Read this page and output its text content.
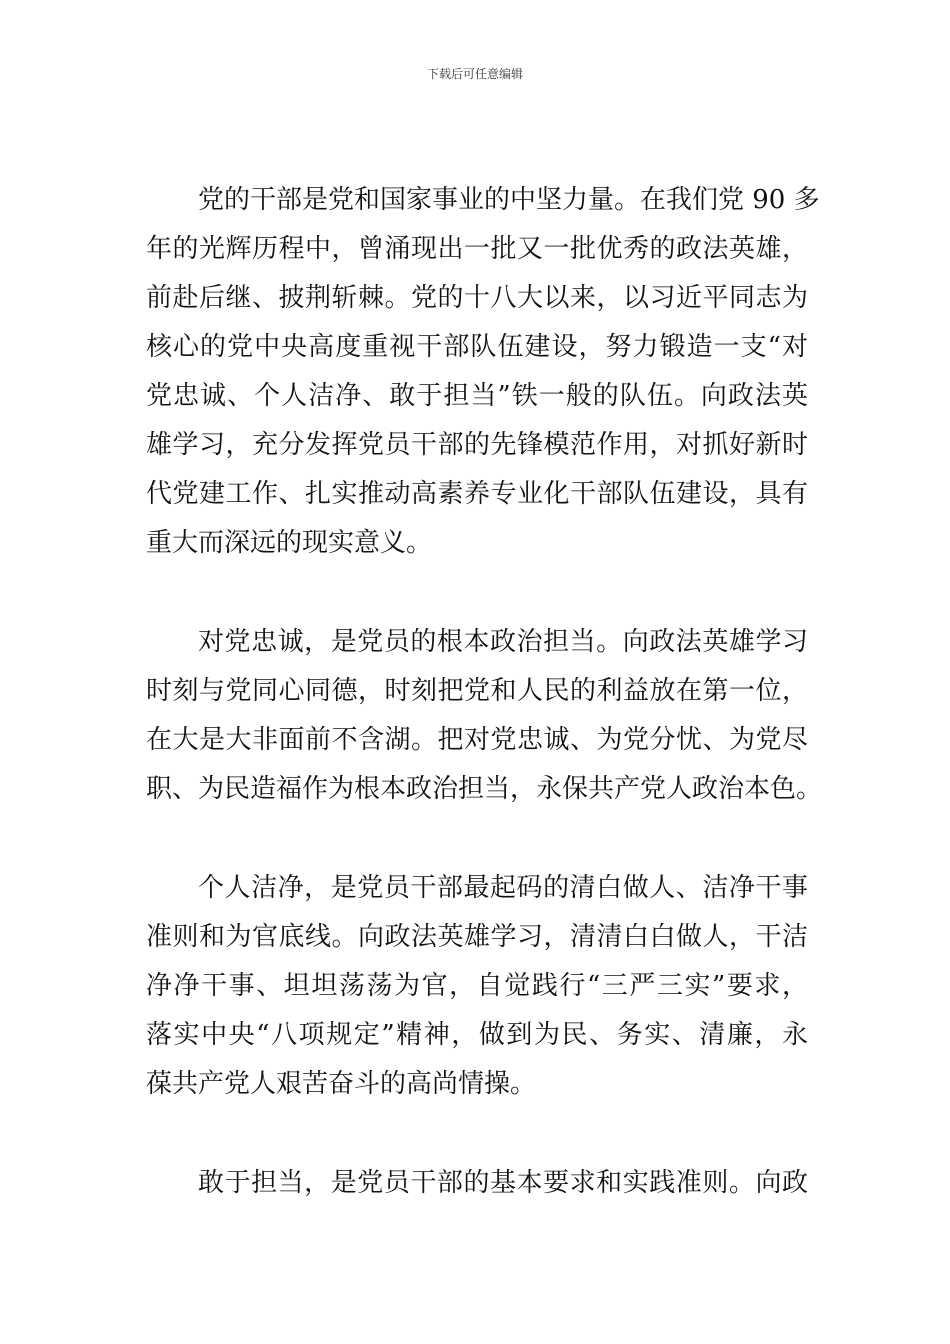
下载后可任意编辑
党的干部是党和国家事业的中坚力量。在我们党 90 多
年的光辉历程中，曾涌现出一批又一批优秀的政法英雄，
前赴后继、披荆斩棘。党的十八大以来，以习近平同志为
核心的党中央高度重视干部队伍建设，努力锻造一支“对
党忠诚、个人洁净、敢于担当”铁一般的队伍。向政法英
雄学习，充分发挥党员干部的先锋模范作用，对抓好新时
代党建工作、扎实推动高素养专业化干部队伍建设，具有
重大而深远的现实意义。
对党忠诚，是党员的根本政治担当。向政法英雄学习
时刻与党同心同德，时刻把党和人民的利益放在第一位，
在大是大非面前不含湖。把对党忠诚、为党分忧、为党尽
职、为民造福作为根本政治担当，永保共产党人政治本色。
个人洁净，是党员干部最起码的清白做人、洁净干事
准则和为官底线。向政法英雄学习，清清白白做人，干洁
净净干事、坦坦荡荡为官，自觉践行“三严三实”要求，
落实中央“八项规定”精神，做到为民、务实、清廉，永
葆共产党人艰苦奋斗的高尚情操。
敢于担当，是党员干部的基本要求和实践准则。向政
